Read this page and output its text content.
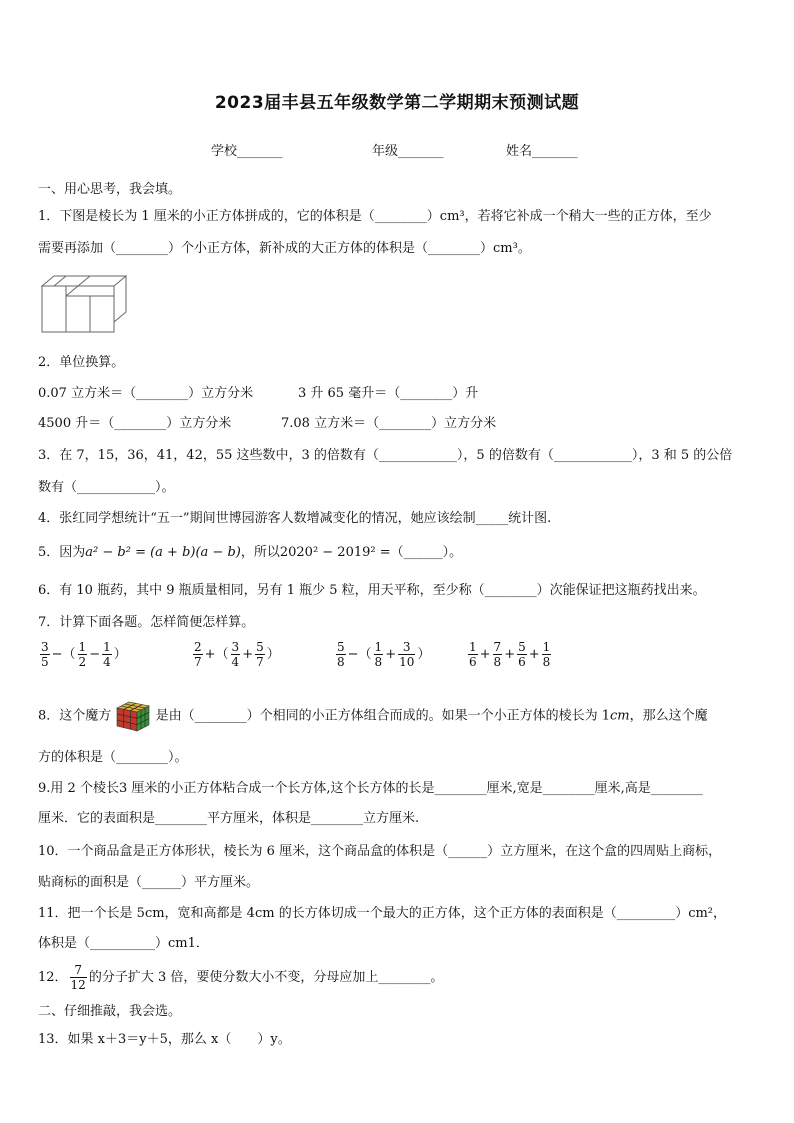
2023届丰县五年级数学第二学期期末预测试题
学校_______	年级_______	姓名_______
一、用心思考，我会填。
1．下图是棱长为 1 厘米的小正方体拼成的，它的体积是（________）cm³，若将它补成一个稍大一些的正方体，至少
需要再添加（________）个小正方体，新补成的大正方体的体积是（________）cm³。
2．单位换算。
0.07 立方米＝（________）立方分米	3 升 65 毫升＝（________）升
4500 升＝（________）立方分米	7.08 立方米＝（________）立方分米
3．在 7，15，36，41，42，55 这些数中，3 的倍数有（____________），5 的倍数有（____________），3 和 5 的公倍
数有（____________）。
4．张红同学想统计“五一”期间世博园游客人数增减变化的情况，她应该绘制_____统计图.
5．因为a² − b² = (a + b)(a − b)，所以2020² − 2019² =（______）。
6．有 10 瓶药，其中 9 瓶质量相同，另有 1 瓶少 5 粒，用天平称，至少称（________）次能保证把这瓶药找出来。
7．计算下面各题。怎样简便怎样算。
$\frac{3}{5}$ −（ $\frac{1}{2} - \frac{1}{4}$ ）	$\frac{2}{7}$ +（ $\frac{3}{4} + \frac{5}{7}$ ）	$\frac{5}{8}$ −（ $\frac{1}{8} + \frac{3}{10}$ ）	$\frac{1}{6} + \frac{7}{8} + \frac{5}{6} + \frac{1}{8}$
8．这个魔方	是由（________）个相同的小正方体组合而成的。如果一个小正方体的棱长为 1cm，那么这个魔
方的体积是（________）。
9.用 2 个棱长3 厘米的小正方体粘合成一个长方体,这个长方体的长是________厘米,宽是________厘米,高是________
厘米．它的表面积是________平方厘米，体积是________立方厘米.
10．一个商品盒是正方体形状，棱长为 6 厘米，这个商品盒的体积是（______）立方厘米，在这个盒的四周贴上商标，
贴商标的面积是（______）平方厘米。
11．把一个长是 5cm，宽和高都是 4cm 的长方体切成一个最大的正方体，这个正方体的表面积是（_________）cm²，
体积是（__________）cm1．
12． $\frac{7}{12}$ 的分子扩大 3 倍，要使分数大小不变，分母应加上________。
二、仔细推敲，我会选。
13．如果 x＋3＝y＋5，那么 x（　　）y。
